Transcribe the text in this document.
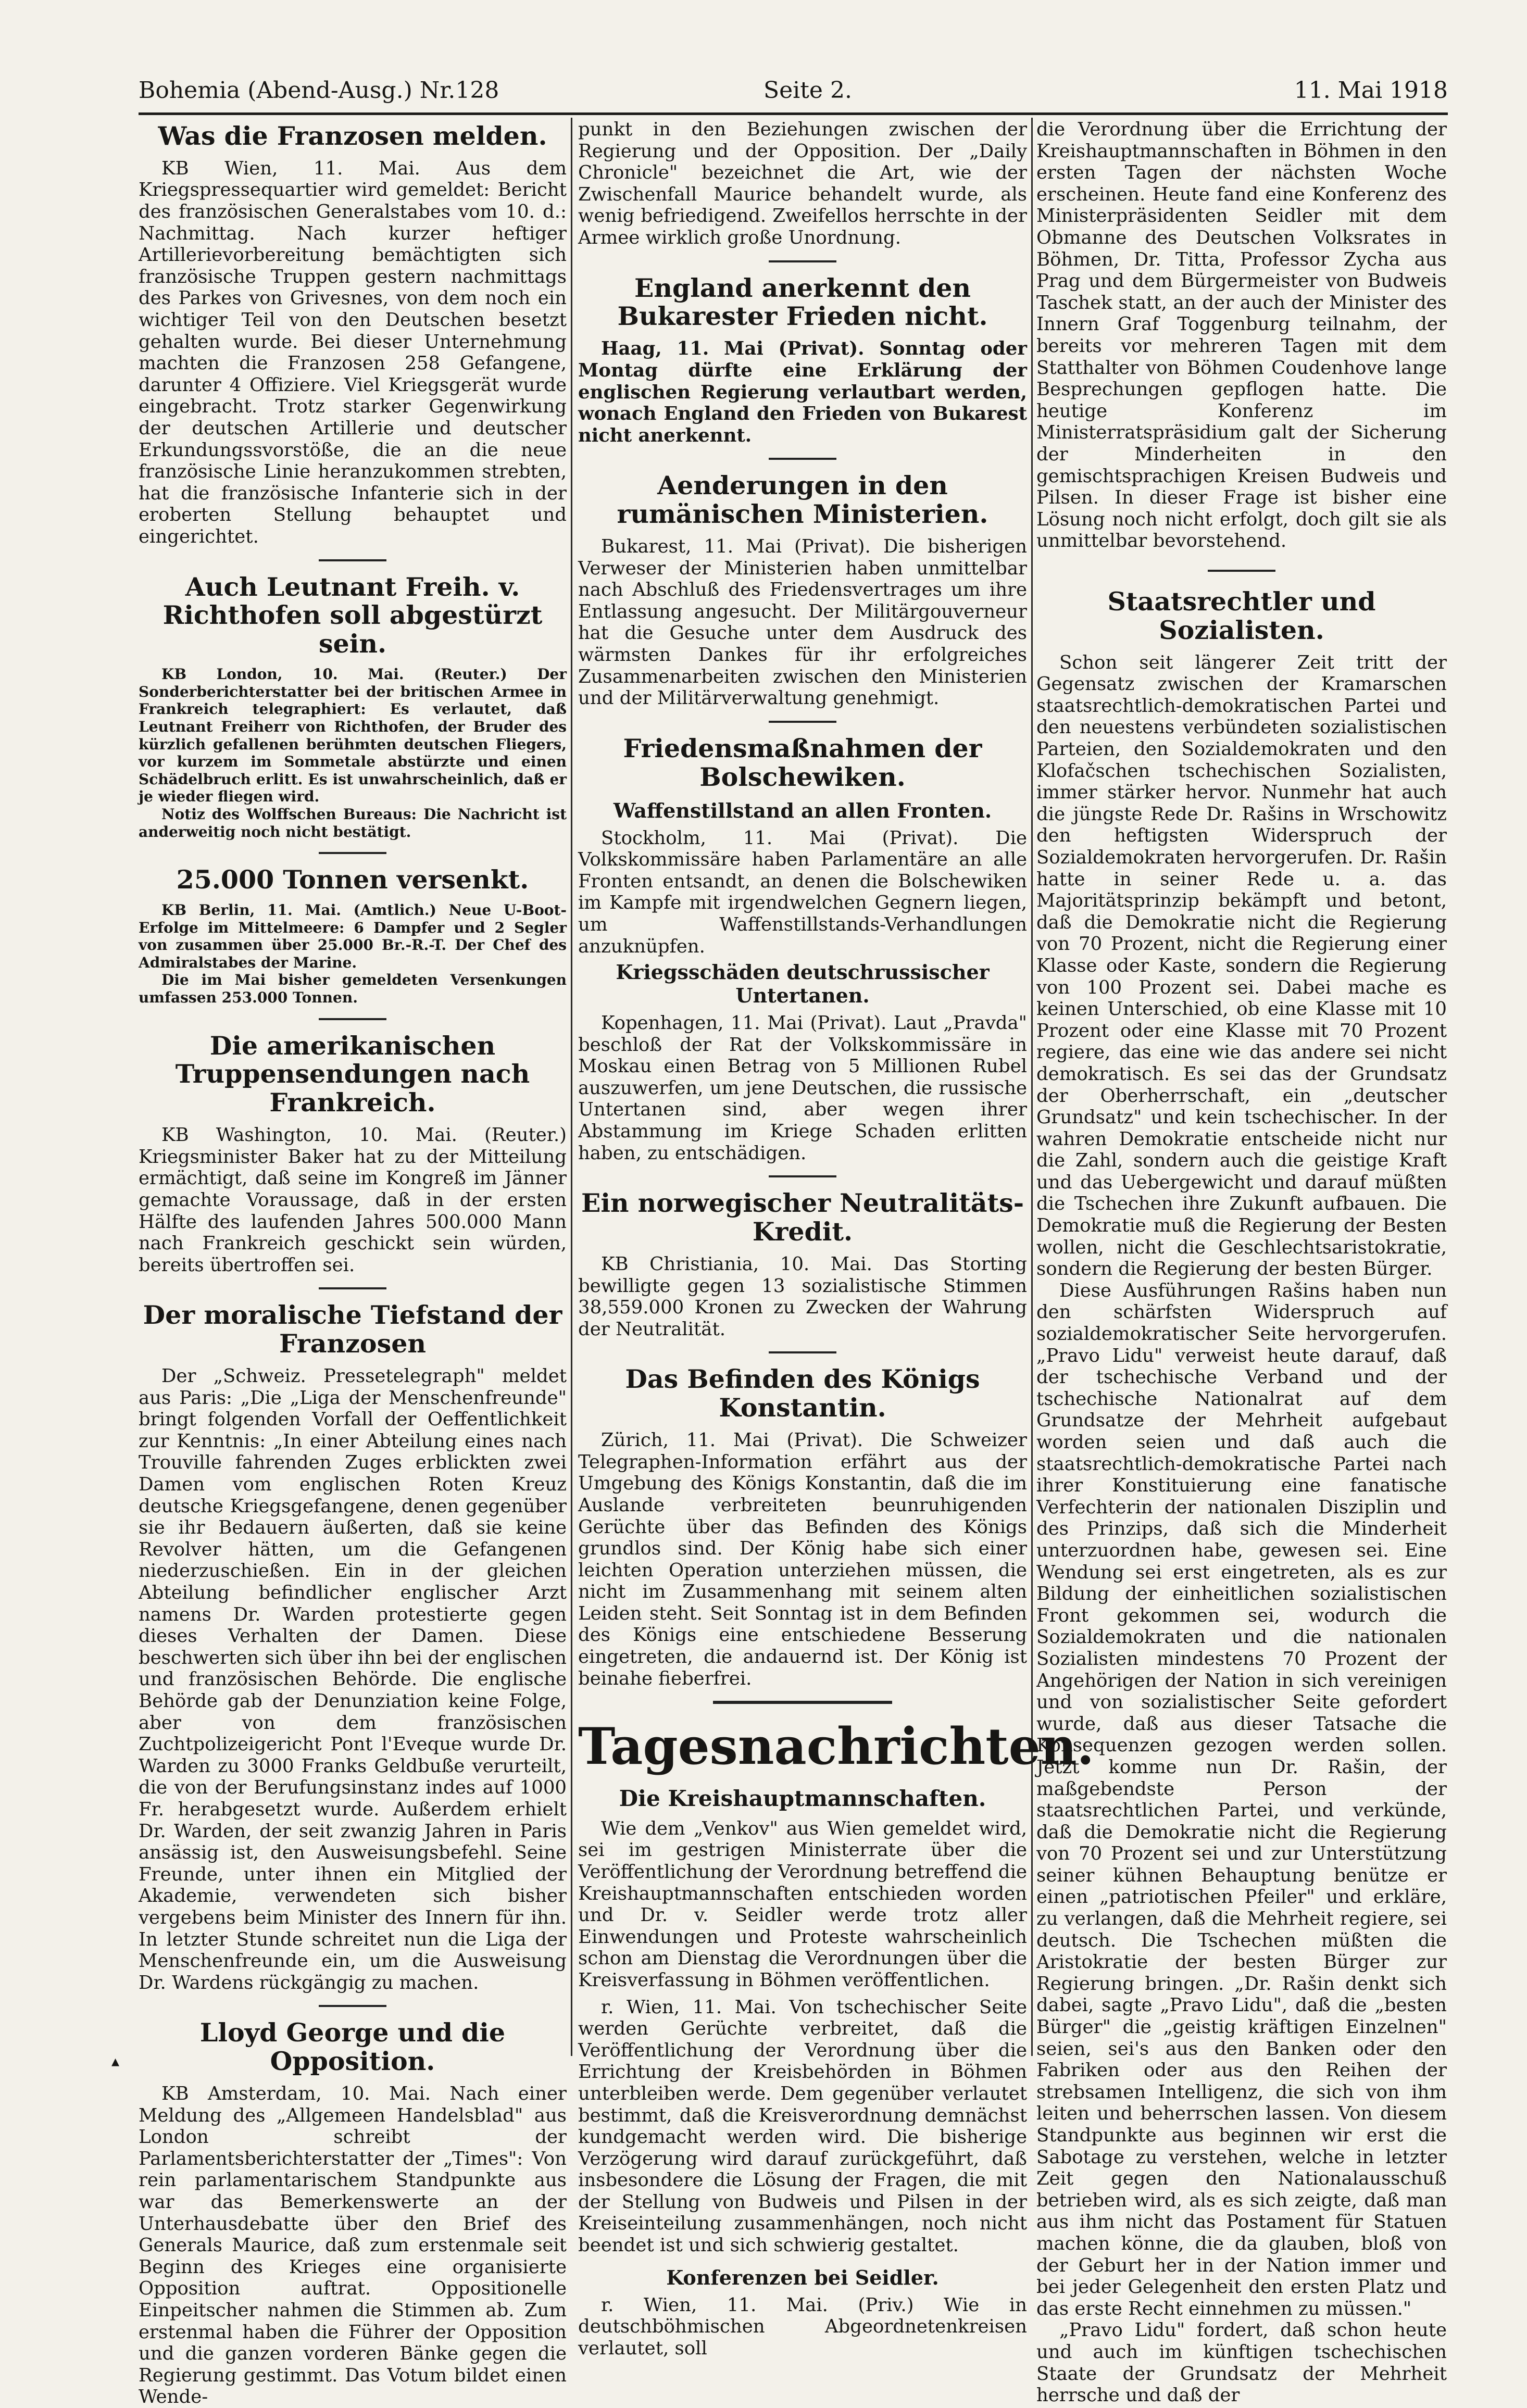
Bohemia (Abend-Ausg.) Nr.128	Seite 2.	11. Mai 1918
Was die Franzosen melden.

KB Wien, 11. Mai. Aus dem Kriegspressequartier wird gemeldet: Bericht des französischen Generalstabes vom 10. d.: Nachmittag. Nach kurzer heftiger Artillerievorbereitung bemächtigten sich französische Truppen gestern nachmittags des Parkes von Grivesnes, von dem noch ein wichtiger Teil von den Deutschen besetzt gehalten wurde. Bei dieser Unternehmung machten die Franzosen 258 Gefangene, darunter 4 Offiziere. Viel Kriegsgerät wurde eingebracht. Trotz starker Gegenwirkung der deutschen Artillerie und deutscher Erkundungssvorstöße, die an die neue französische Linie heranzukommen strebten, hat die französische Infanterie sich in der eroberten Stellung behauptet und eingerichtet.

Auch Leutnant Freih. v. Richthofen soll abgestürzt sein.

KB London, 10. Mai. (Reuter.) Der Sonderberichterstatter bei der britischen Armee in Frankreich telegraphiert: Es verlautet, daß Leutnant Freiherr von Richthofen, der Bruder des kürzlich gefallenen berühmten deutschen Fliegers, vor kurzem im Sommetale abstürzte und einen Schädelbruch erlitt. Es ist unwahrscheinlich, daß er je wieder fliegen wird.

Notiz des Wolffschen Bureaus: Die Nachricht ist anderweitig noch nicht bestätigt.

25.000 Tonnen versenkt.

KB Berlin, 11. Mai. (Amtlich.) Neue U-Boot-Erfolge im Mittelmeere: 6 Dampfer und 2 Segler von zusammen über 25.000 Br.-R.-T. Der Chef des Admiralstabes der Marine.

Die im Mai bisher gemeldeten Versenkungen umfassen 253.000 Tonnen.

Die amerikanischen Truppensendungen nach Frankreich.

KB Washington, 10. Mai. (Reuter.) Kriegsminister Baker hat zu der Mitteilung ermächtigt, daß seine im Kongreß im Jänner gemachte Voraussage, daß in der ersten Hälfte des laufenden Jahres 500.000 Mann nach Frankreich geschickt sein würden, bereits übertroffen sei.

Der moralische Tiefstand der Franzosen

Der „Schweiz. Pressetelegraph" meldet aus Paris: „Die „Liga der Menschenfreunde" bringt folgenden Vorfall der Oeffentlichkeit zur Kenntnis: „In einer Abteilung eines nach Trouville fahrenden Zuges erblickten zwei Damen vom englischen Roten Kreuz deutsche Kriegsgefangene, denen gegenüber sie ihr Bedauern äußerten, daß sie keine Revolver hätten, um die Gefangenen niederzuschießen. Ein in der gleichen Abteilung befindlicher englischer Arzt namens Dr. Warden protestierte gegen dieses Verhalten der Damen. Diese beschwerten sich über ihn bei der englischen und französischen Behörde. Die englische Behörde gab der Denunziation keine Folge, aber von dem französischen Zuchtpolizeigericht Pont l'Eveque wurde Dr. Warden zu 3000 Franks Geldbuße verurteilt, die von der Berufungsinstanz indes auf 1000 Fr. herabgesetzt wurde. Außerdem erhielt Dr. Warden, der seit zwanzig Jahren in Paris ansässig ist, den Ausweisungsbefehl. Seine Freunde, unter ihnen ein Mitglied der Akademie, verwendeten sich bisher vergebens beim Minister des Innern für ihn. In letzter Stunde schreitet nun die Liga der Menschenfreunde ein, um die Ausweisung Dr. Wardens rückgängig zu machen.

Lloyd George und die Opposition.

KB Amsterdam, 10. Mai. Nach einer Meldung des „Allgemeen Handelsblad" aus London schreibt der Parlamentsberichterstatter der „Times": Von rein parlamentarischem Standpunkte aus war das Bemerkenswerte an der Unterhausdebatte über den Brief des Generals Maurice, daß zum erstenmale seit Beginn des Krieges eine organisierte Opposition auftrat. Oppositionelle Einpeitscher nahmen die Stimmen ab. Zum erstenmal haben die Führer der Opposition und die ganzen vorderen Bänke gegen die Regierung gestimmt. Das Votum bildet einen Wende-

punkt in den Beziehungen zwischen der Regierung und der Opposition. Der „Daily Chronicle" bezeichnet die Art, wie der Zwischenfall Maurice behandelt wurde, als wenig befriedigend. Zweifellos herrschte in der Armee wirklich große Unordnung.

England anerkennt den Bukarester Frieden nicht.

Haag, 11. Mai (Privat). Sonntag oder Montag dürfte eine Erklärung der englischen Regierung verlautbart werden, wonach England den Frieden von Bukarest nicht anerkennt.

Aenderungen in den rumänischen Ministerien.

Bukarest, 11. Mai (Privat). Die bisherigen Verweser der Ministerien haben unmittelbar nach Abschluß des Friedensvertrages um ihre Entlassung angesucht. Der Militärgouverneur hat die Gesuche unter dem Ausdruck des wärmsten Dankes für ihr erfolgreiches Zusammenarbeiten zwischen den Ministerien und der Militärverwaltung genehmigt.

Friedensmaßnahmen der Bolschewiken.
Waffenstillstand an allen Fronten.

Stockholm, 11. Mai (Privat). Die Volkskommissäre haben Parlamentäre an alle Fronten entsandt, an denen die Bolschewiken im Kampfe mit irgendwelchen Gegnern liegen, um Waffenstillstands-Verhandlungen anzuknüpfen.

Kriegsschäden deutschrussischer Untertanen.

Kopenhagen, 11. Mai (Privat). Laut „Pravda" beschloß der Rat der Volkskommissäre in Moskau einen Betrag von 5 Millionen Rubel auszuwerfen, um jene Deutschen, die russische Untertanen sind, aber wegen ihrer Abstammung im Kriege Schaden erlitten haben, zu entschädigen.

Ein norwegischer Neutralitäts-Kredit.

KB Christiania, 10. Mai. Das Storting bewilligte gegen 13 sozialistische Stimmen 38,559.000 Kronen zu Zwecken der Wahrung der Neutralität.

Das Befinden des Königs Konstantin.

Zürich, 11. Mai (Privat). Die Schweizer Telegraphen-Information erfährt aus der Umgebung des Königs Konstantin, daß die im Auslande verbreiteten beunruhigenden Gerüchte über das Befinden des Königs grundlos sind. Der König habe sich einer leichten Operation unterziehen müssen, die nicht im Zusammenhang mit seinem alten Leiden steht. Seit Sonntag ist in dem Befinden des Königs eine entschiedene Besserung eingetreten, die andauernd ist. Der König ist beinahe fieberfrei.

Tagesnachrichten.
Die Kreishauptmannschaften.

Wie dem „Venkov" aus Wien gemeldet wird, sei im gestrigen Ministerrate über die Veröffentlichung der Verordnung betreffend die Kreishauptmannschaften entschieden worden und Dr. v. Seidler werde trotz aller Einwendungen und Proteste wahrscheinlich schon am Dienstag die Verordnungen über die Kreisverfassung in Böhmen veröffentlichen.

r. Wien, 11. Mai. Von tschechischer Seite werden Gerüchte verbreitet, daß die Veröffentlichung der Verordnung über die Errichtung der Kreisbehörden in Böhmen unterbleiben werde. Dem gegenüber verlautet bestimmt, daß die Kreisverordnung demnächst kundgemacht werden wird. Die bisherige Verzögerung wird darauf zurückgeführt, daß insbesondere die Lösung der Fragen, die mit der Stellung von Budweis und Pilsen in der Kreiseinteilung zusammenhängen, noch nicht beendet ist und sich schwierig gestaltet.

Konferenzen bei Seidler.

r. Wien, 11. Mai. (Priv.) Wie in deutschböhmischen Abgeordnetenkreisen verlautet, soll

die Verordnung über die Errichtung der Kreishauptmannschaften in Böhmen in den ersten Tagen der nächsten Woche erscheinen. Heute fand eine Konferenz des Ministerpräsidenten Seidler mit dem Obmanne des Deutschen Volksrates in Böhmen, Dr. Titta, Professor Zycha aus Prag und dem Bürgermeister von Budweis Taschek statt, an der auch der Minister des Innern Graf Toggenburg teilnahm, der bereits vor mehreren Tagen mit dem Statthalter von Böhmen Coudenhove lange Besprechungen gepflogen hatte. Die heutige Konferenz im Ministerratspräsidium galt der Sicherung der Minderheiten in den gemischtsprachigen Kreisen Budweis und Pilsen. In dieser Frage ist bisher eine Lösung noch nicht erfolgt, doch gilt sie als unmittelbar bevorstehend.

Staatsrechtler und Sozialisten.

Schon seit längerer Zeit tritt der Gegensatz zwischen der Kramarschen staatsrechtlich-demokratischen Partei und den neuestens verbündeten sozialistischen Parteien, den Sozialdemokraten und den Klofačschen tschechischen Sozialisten, immer stärker hervor. Nunmehr hat auch die jüngste Rede Dr. Rašins in Wrschowitz den heftigsten Widerspruch der Sozialdemokraten hervorgerufen. Dr. Rašin hatte in seiner Rede u. a. das Majoritätsprinzip bekämpft und betont, daß die Demokratie nicht die Regierung von 70 Prozent, nicht die Regierung einer Klasse oder Kaste, sondern die Regierung von 100 Prozent sei. Dabei mache es keinen Unterschied, ob eine Klasse mit 10 Prozent oder eine Klasse mit 70 Prozent regiere, das eine wie das andere sei nicht demokratisch. Es sei das der Grundsatz der Oberherrschaft, ein „deutscher Grundsatz" und kein tschechischer. In der wahren Demokratie entscheide nicht nur die Zahl, sondern auch die geistige Kraft und das Uebergewicht und darauf müßten die Tschechen ihre Zukunft aufbauen. Die Demokratie muß die Regierung der Besten wollen, nicht die Geschlechtsaristokratie, sondern die Regierung der besten Bürger.

Diese Ausführungen Rašins haben nun den schärfsten Widerspruch auf sozialdemokratischer Seite hervorgerufen. „Pravo Lidu" verweist heute darauf, daß der tschechische Verband und der tschechische Nationalrat auf dem Grundsatze der Mehrheit aufgebaut worden seien und daß auch die staatsrechtlich-demokratische Partei nach ihrer Konstituierung eine fanatische Verfechterin der nationalen Disziplin und des Prinzips, daß sich die Minderheit unterzuordnen habe, gewesen sei. Eine Wendung sei erst eingetreten, als es zur Bildung der einheitlichen sozialistischen Front gekommen sei, wodurch die Sozialdemokraten und die nationalen Sozialisten mindestens 70 Prozent der Angehörigen der Nation in sich vereinigen und von sozialistischer Seite gefordert wurde, daß aus dieser Tatsache die Konsequenzen gezogen werden sollen. Jetzt komme nun Dr. Rašin, der maßgebendste Person der staatsrechtlichen Partei, und verkünde, daß die Demokratie nicht die Regierung von 70 Prozent sei und zur Unterstützung seiner kühnen Behauptung benütze er einen „patriotischen Pfeiler" und erkläre, zu verlangen, daß die Mehrheit regiere, sei deutsch. Die Tschechen müßten die Aristokratie der besten Bürger zur Regierung bringen. „Dr. Rašin denkt sich dabei, sagte „Pravo Lidu", daß die „besten Bürger" die „geistig kräftigen Einzelnen" seien, sei's aus den Banken oder den Fabriken oder aus den Reihen der strebsamen Intelligenz, die sich von ihm leiten und beherrschen lassen. Von diesem Standpunkte aus beginnen wir erst die Sabotage zu verstehen, welche in letzter Zeit gegen den Nationalausschuß betrieben wird, als es sich zeigte, daß man aus ihm nicht das Postament für Statuen machen könne, die da glauben, bloß von der Geburt her in der Nation immer und bei jeder Gelegenheit den ersten Platz und das erste Recht einnehmen zu müssen."

„Pravo Lidu" fordert, daß schon heute und auch im künftigen tschechischen Staate der Grundsatz der Mehrheit herrsche und daß der

▴
